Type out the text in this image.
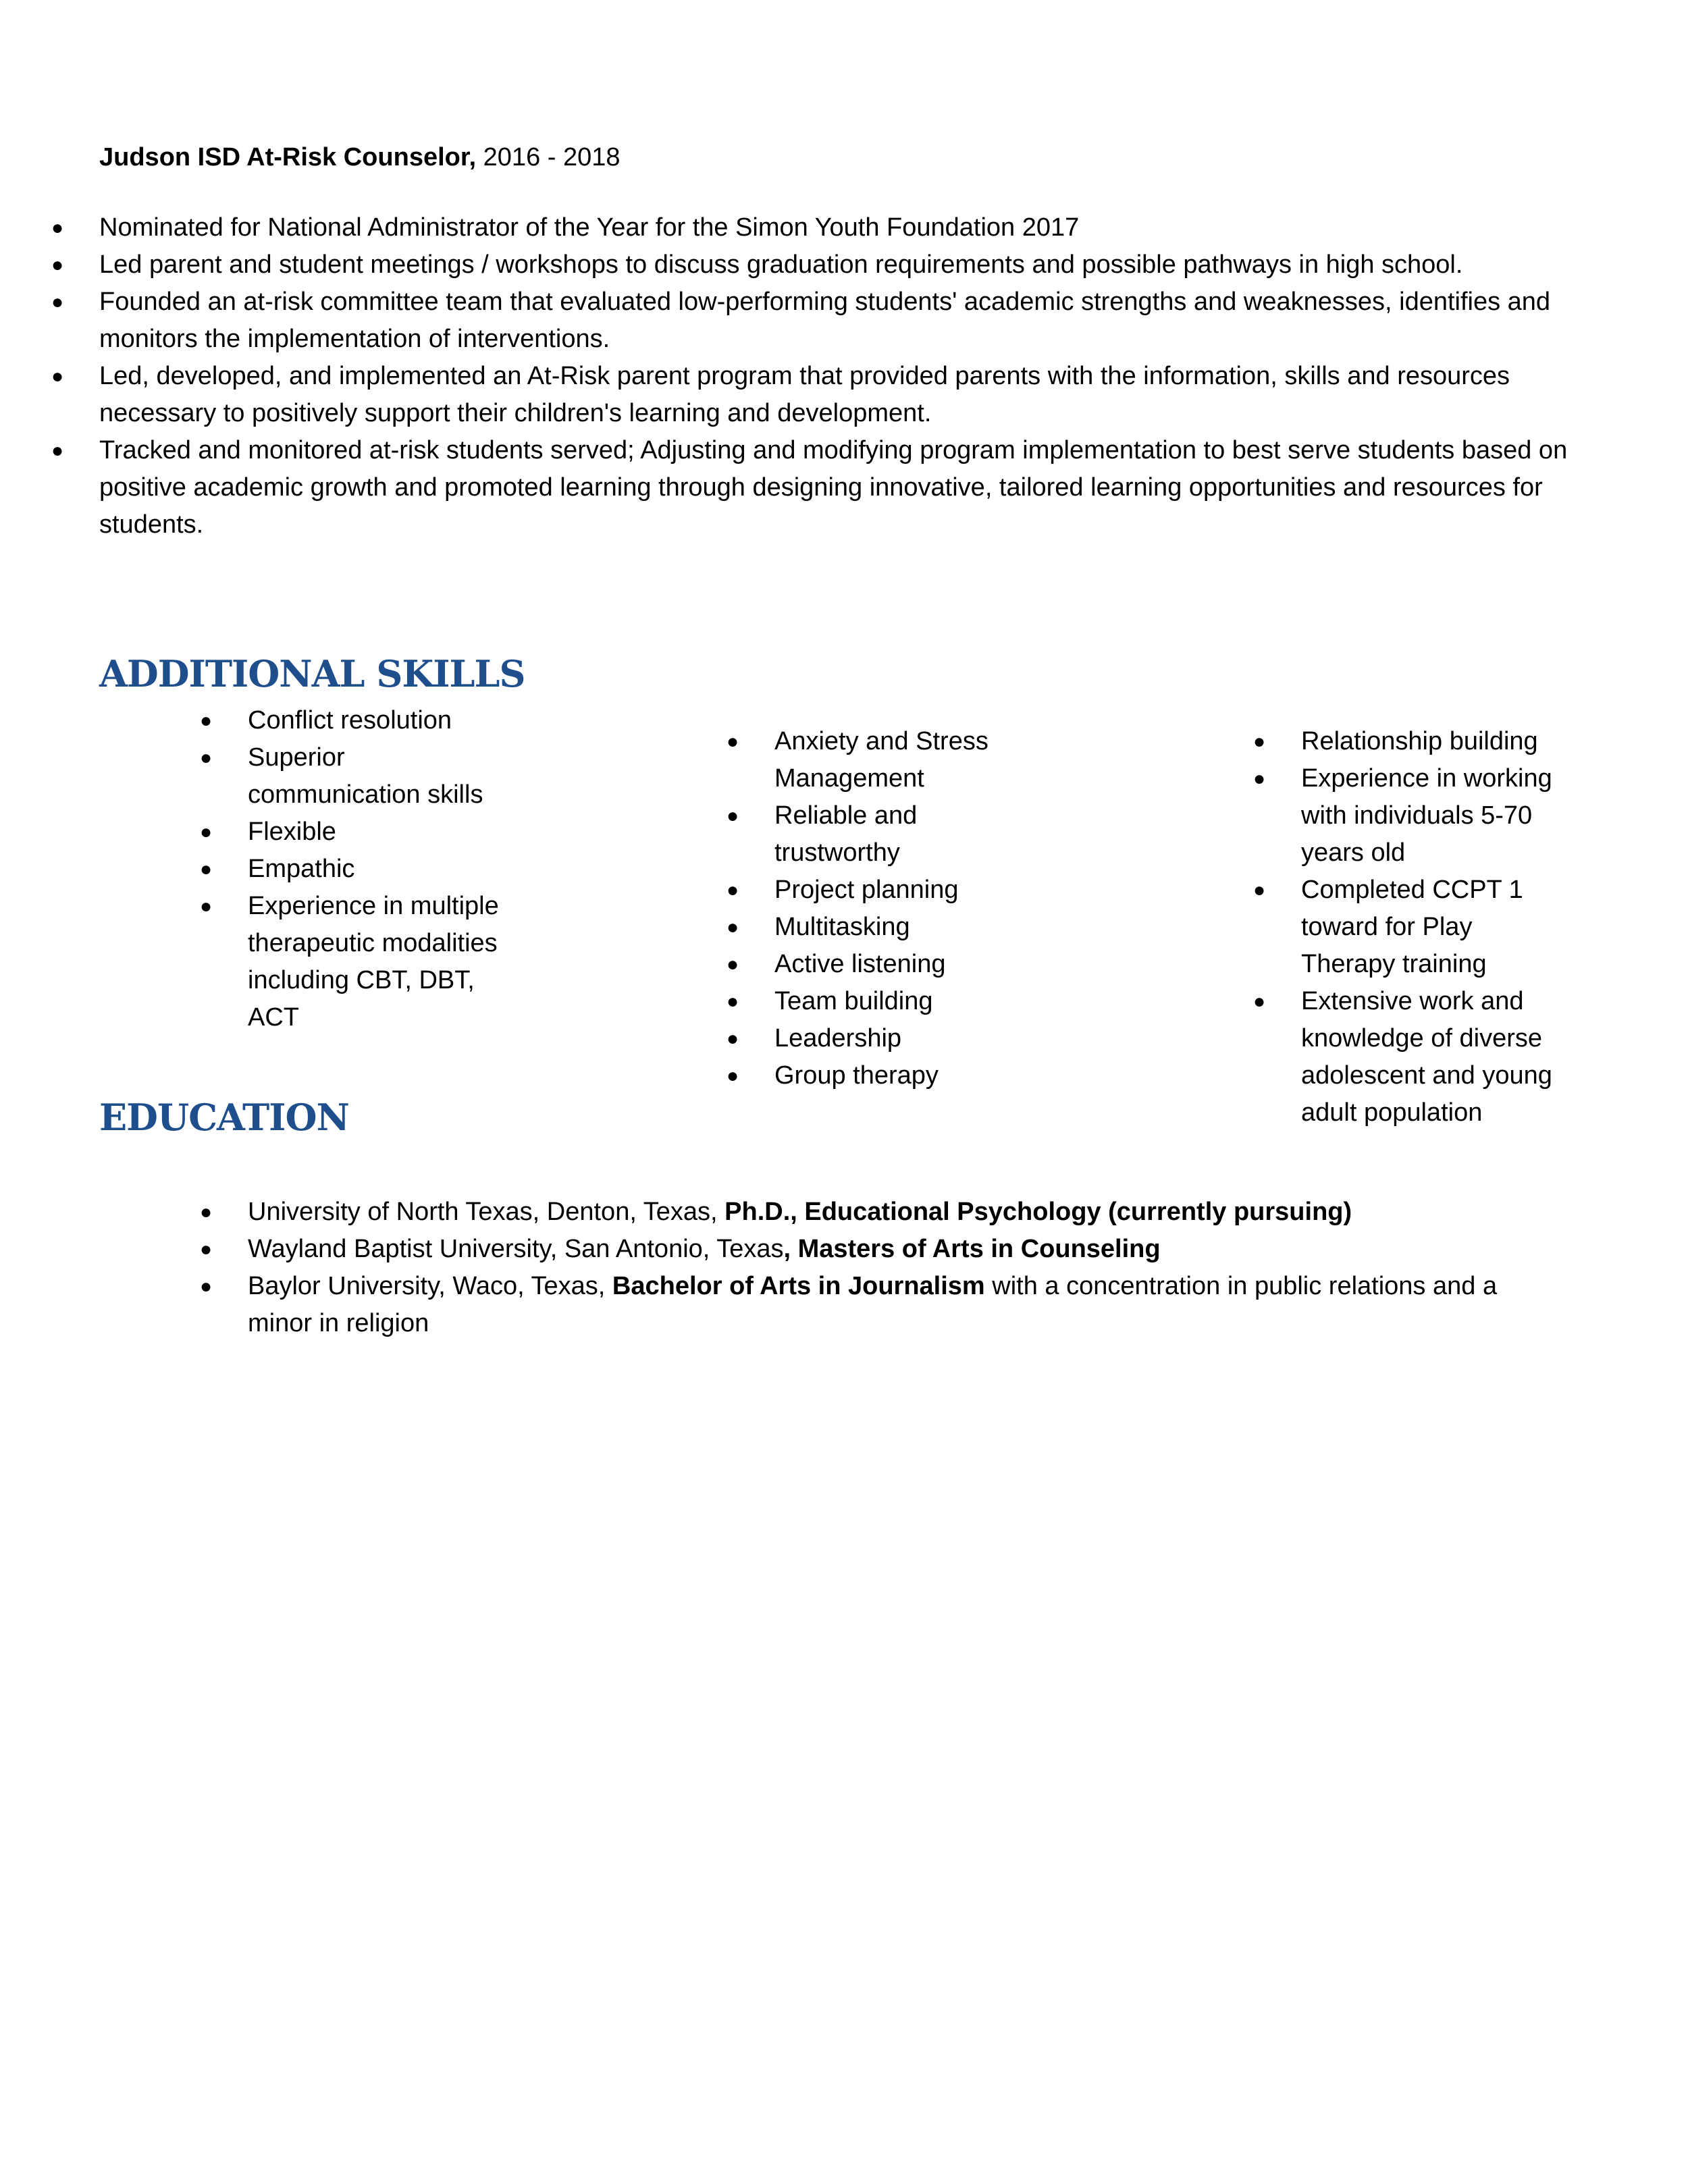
Judson ISD At-Risk Counselor, 2016 - 2018
● Nominated for National Administrator of the Year for the Simon Youth Foundation 2017
● Led parent and student meetings / workshops to discuss graduation requirements and possible pathways in high school.
● Founded an at-risk committee team that evaluated low-performing students' academic strengths and weaknesses, identifies and monitors the implementation of interventions.
● Led, developed, and implemented an At-Risk parent program that provided parents with the information, skills and resources necessary to positively support their children's learning and development.
● Tracked and monitored at-risk students served; Adjusting and modifying program implementation to best serve students based on positive academic growth and promoted learning through designing innovative, tailored learning opportunities and resources for students.
ADDITIONAL SKILLS
● Conflict resolution
● Superior communication skills
● Flexible
● Empathic
● Experience in multiple therapeutic modalities including CBT, DBT, ACT
● Anxiety and Stress Management
● Reliable and trustworthy
● Project planning
● Multitasking
● Active listening
● Team building
● Leadership
● Group therapy
● Relationship building
● Experience in working with individuals 5-70 years old
● Completed CCPT 1 toward for Play Therapy training
● Extensive work and knowledge of diverse adolescent and young adult population
EDUCATION
● University of North Texas, Denton, Texas, Ph.D., Educational Psychology (currently pursuing)
● Wayland Baptist University, San Antonio, Texas, Masters of Arts in Counseling
● Baylor University, Waco, Texas, Bachelor of Arts in Journalism with a concentration in public relations and a minor in religion
